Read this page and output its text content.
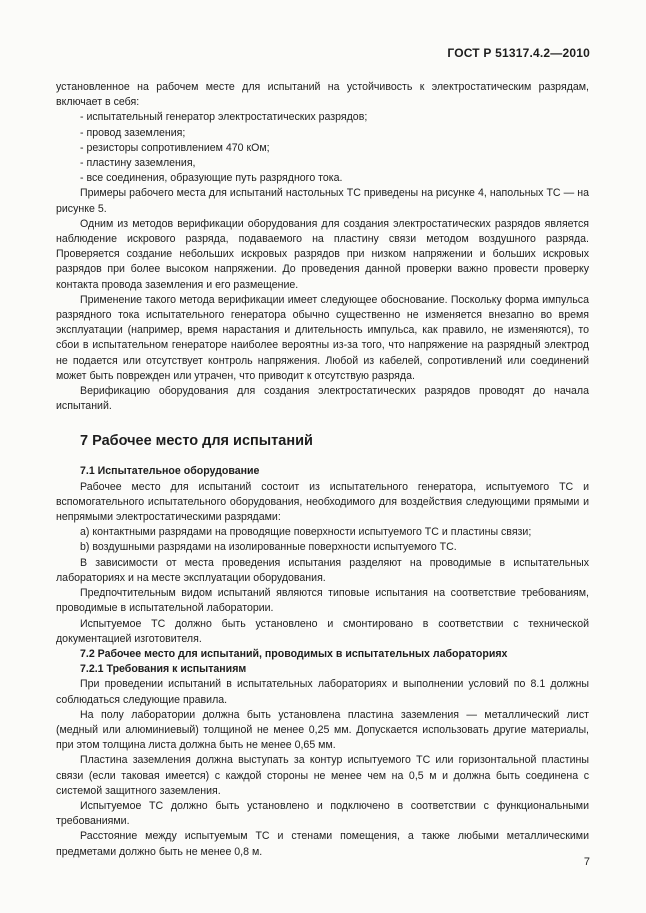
ГОСТ Р 51317.4.2—2010

установленное на рабочем месте для испытаний на устойчивость к электростатическим разрядам, включает в себя:

- испытательный генератор электростатических разрядов;

- провод заземления;

- резисторы сопротивлением 470 кОм;

- пластину заземления,

- все соединения, образующие путь разрядного тока.

Примеры рабочего места для испытаний настольных ТС приведены на рисунке 4, напольных ТС — на рисунке 5.

Одним из методов верификации оборудования для создания электростатических разрядов является наблюдение искрового разряда, подаваемого на пластину связи методом воздушного разряда. Проверяется создание небольших искровых разрядов при низком напряжении и больших искровых разрядов при более высоком напряжении. До проведения данной проверки важно провести проверку контакта провода заземления и его размещение.

Применение такого метода верификации имеет следующее обоснование. Поскольку форма импульса разрядного тока испытательного генератора обычно существенно не изменяется внезапно во время эксплуатации (например, время нарастания и длительность импульса, как правило, не изменяются), то сбои в испытательном генераторе наиболее вероятны из-за того, что напряжение на разрядный электрод не подается или отсутствует контроль напряжения. Любой из кабелей, сопротивлений или соединений может быть поврежден или утрачен, что приводит к отсутствую разряда.

Верификацию оборудования для создания электростатических разрядов проводят до начала испытаний.

7 Рабочее место для испытаний

7.1 Испытательное оборудование

Рабочее место для испытаний состоит из испытательного генератора, испытуемого ТС и вспомогательного испытательного оборудования, необходимого для воздействия следующими прямыми и непрямыми электростатическими разрядами:

a) контактными разрядами на проводящие поверхности испытуемого ТС и пластины связи;

b) воздушными разрядами на изолированные поверхности испытуемого ТС.

В зависимости от места проведения испытания разделяют на проводимые в испытательных лабораториях и на месте эксплуатации оборудования.

Предпочтительным видом испытаний являются типовые испытания на соответствие требованиям, проводимые в испытательной лаборатории.

Испытуемое ТС должно быть установлено и смонтировано в соответствии с технической документацией изготовителя.

7.2 Рабочее место для испытаний, проводимых в испытательных лабораториях

7.2.1 Требования к испытаниям

При проведении испытаний в испытательных лабораториях и выполнении условий по 8.1 должны соблюдаться следующие правила.

На полу лаборатории должна быть установлена пластина заземления — металлический лист (медный или алюминиевый) толщиной не менее 0,25 мм. Допускается использовать другие материалы, при этом толщина листа должна быть не менее 0,65 мм.

Пластина заземления должна выступать за контур испытуемого ТС или горизонтальной пластины связи (если таковая имеется) с каждой стороны не менее чем на 0,5 м и должна быть соединена с системой защитного заземления.

Испытуемое ТС должно быть установлено и подключено в соответствии с функциональными требованиями.

Расстояние между испытуемым ТС и стенами помещения, а также любыми металлическими предметами должно быть не менее 0,8 м.

7
